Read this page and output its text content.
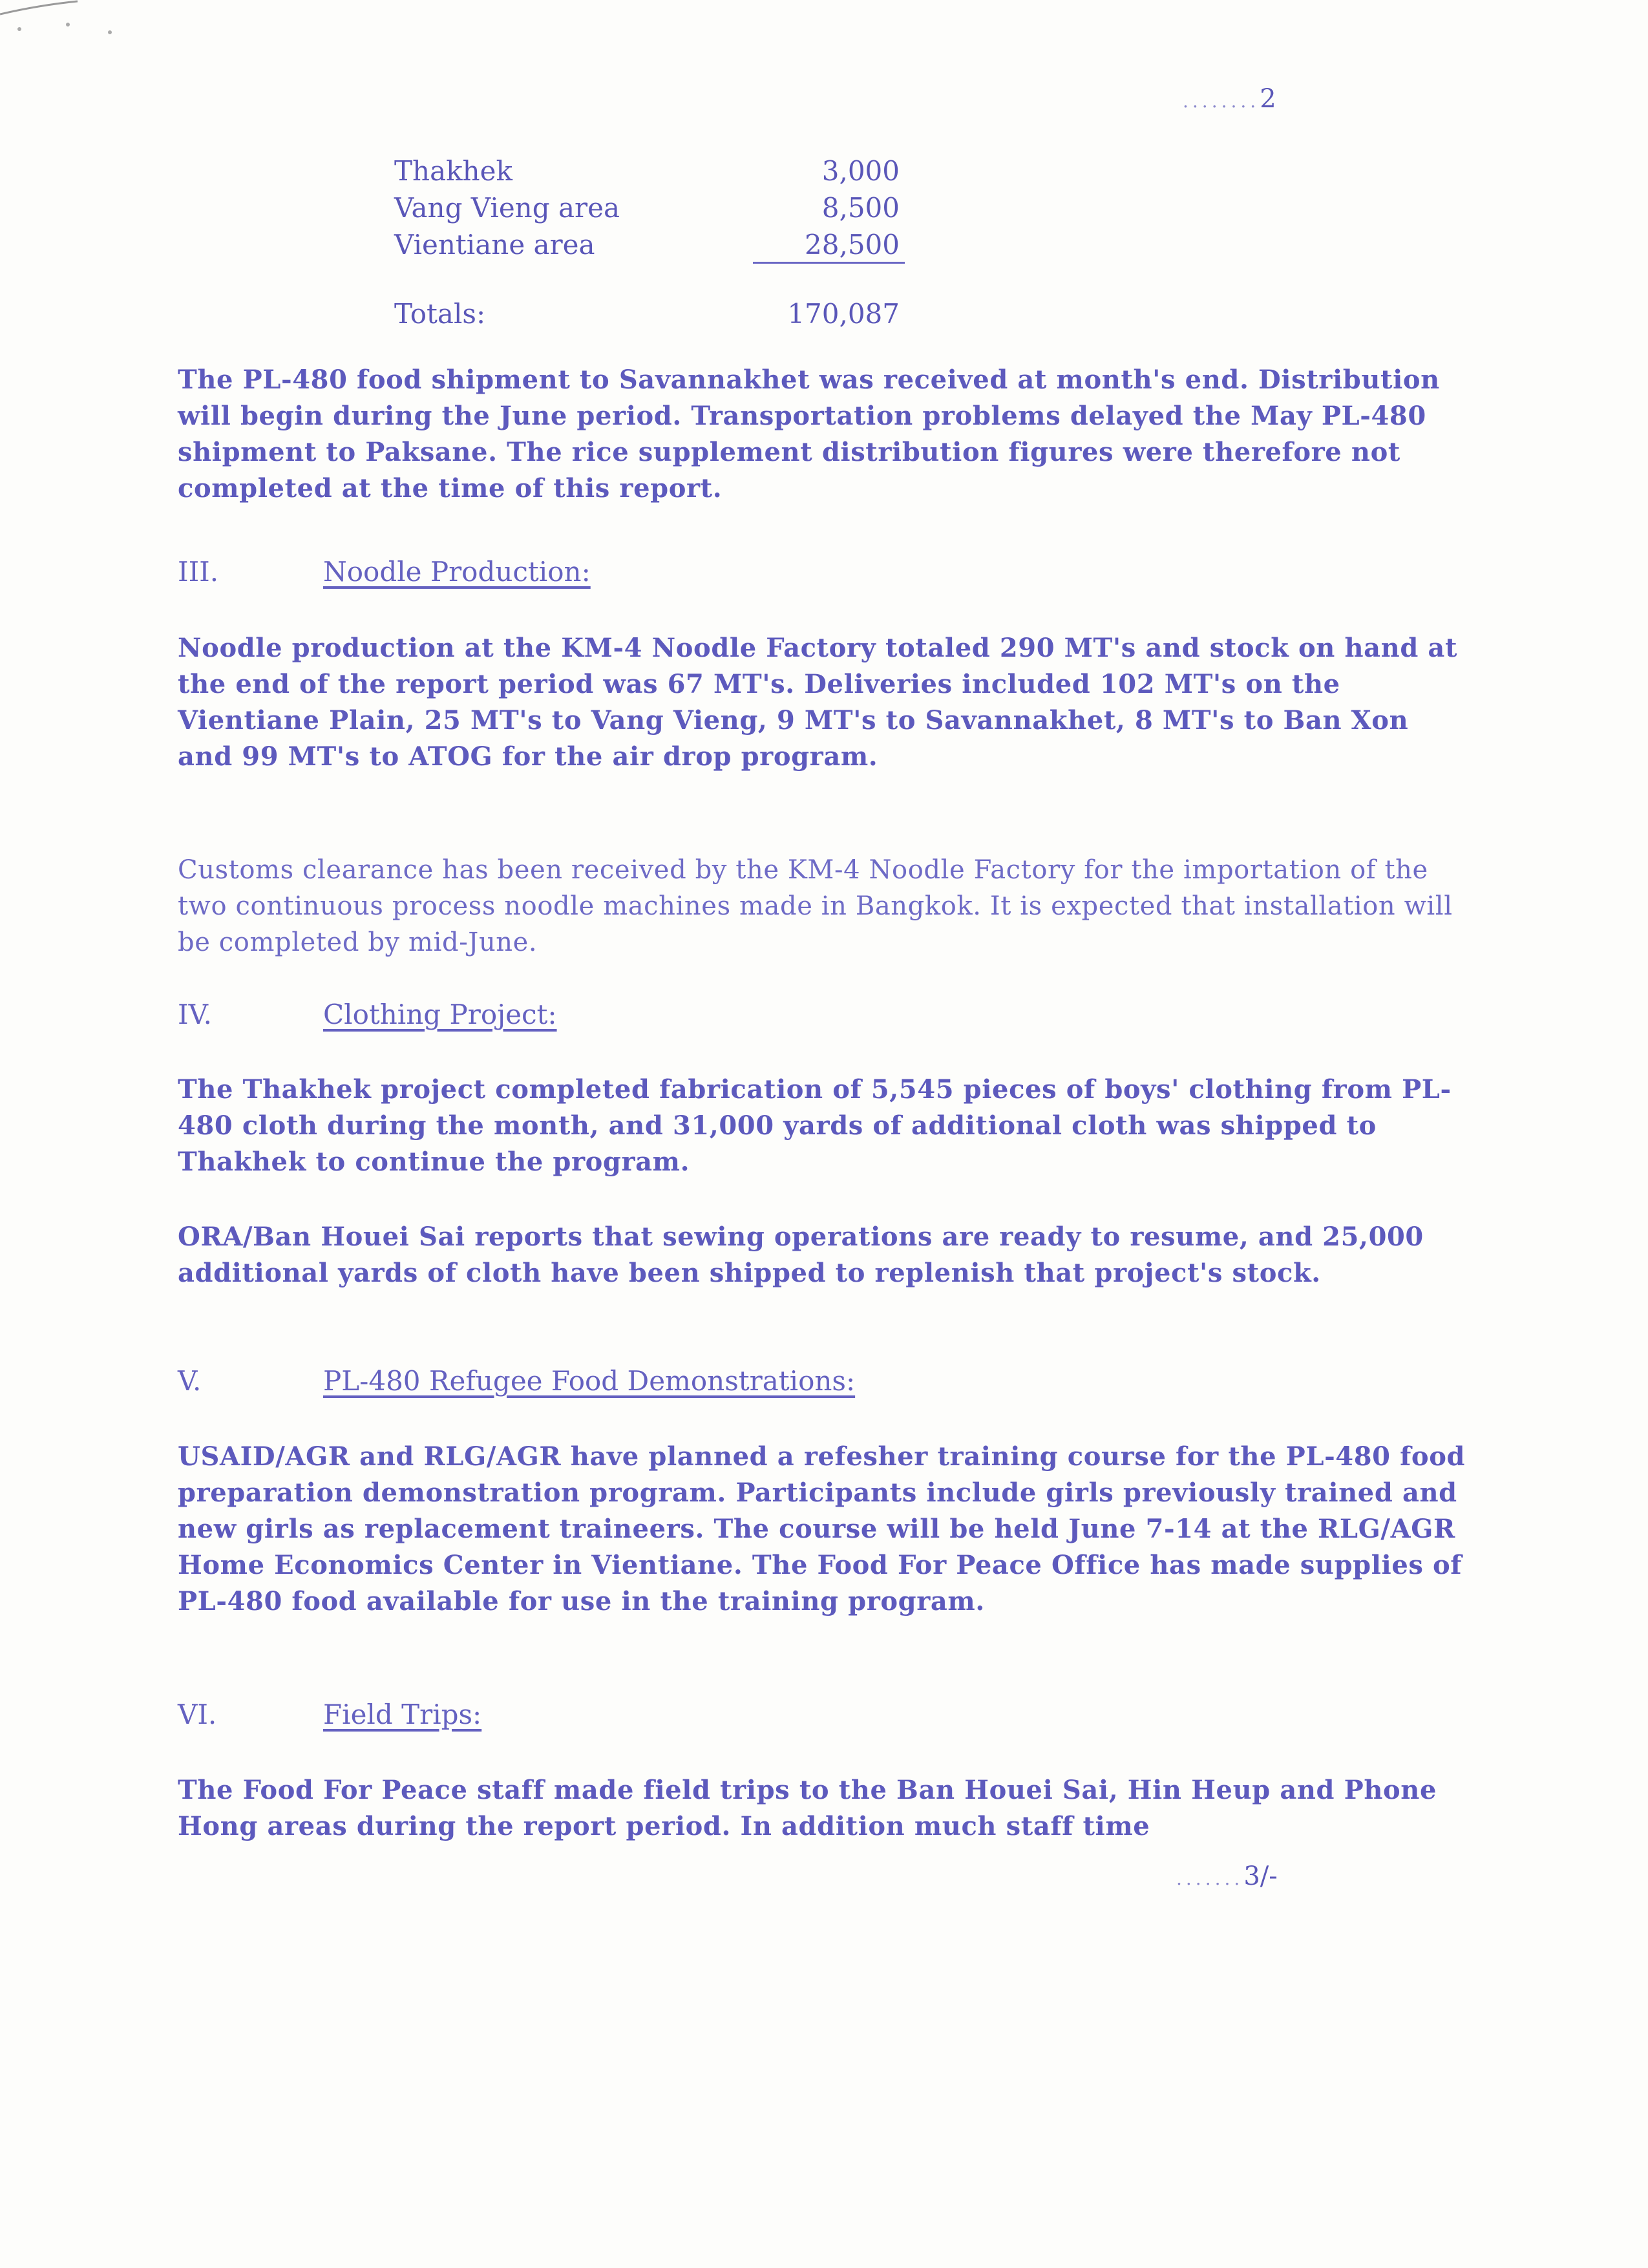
........2
Thakhek	3,000
Vang Vieng area	8,500
Vientiane area	28,500
Totals:	170,087

The PL-480 food shipment to Savannakhet was received at month's end. Distribution will begin during the June period. Transportation problems delayed the May PL-480 shipment to Paksane. The rice supplement distribution figures were therefore not completed at the time of this report.

III.	Noodle Production:

Noodle production at the KM-4 Noodle Factory totaled 290 MT's and stock on hand at the end of the report period was 67 MT's. Deliveries included 102 MT's on the Vientiane Plain, 25 MT's to Vang Vieng, 9 MT's to Savannakhet, 8 MT's to Ban Xon and 99 MT's to ATOG for the air drop program.

Customs clearance has been received by the KM-4 Noodle Factory for the importation of the two continuous process noodle machines made in Bangkok. It is expected that installation will be completed by mid-June.

IV.	Clothing Project:

The Thakhek project completed fabrication of 5,545 pieces of boys' clothing from PL-480 cloth during the month, and 31,000 yards of additional cloth was shipped to Thakhek to continue the program.

ORA/Ban Houei Sai reports that sewing operations are ready to resume, and 25,000 additional yards of cloth have been shipped to replenish that project's stock.

V.	PL-480 Refugee Food Demonstrations:

USAID/AGR and RLG/AGR have planned a refesher training course for the PL-480 food preparation demonstration program. Participants include girls previously trained and new girls as replacement traineers. The course will be held June 7-14 at the RLG/AGR Home Economics Center in Vientiane. The Food For Peace Office has made supplies of PL-480 food available for use in the training program.

VI.	Field Trips:

The Food For Peace staff made field trips to the Ban Houei Sai, Hin Heup and Phone Hong areas during the report period. In addition much staff time

.......3/-
